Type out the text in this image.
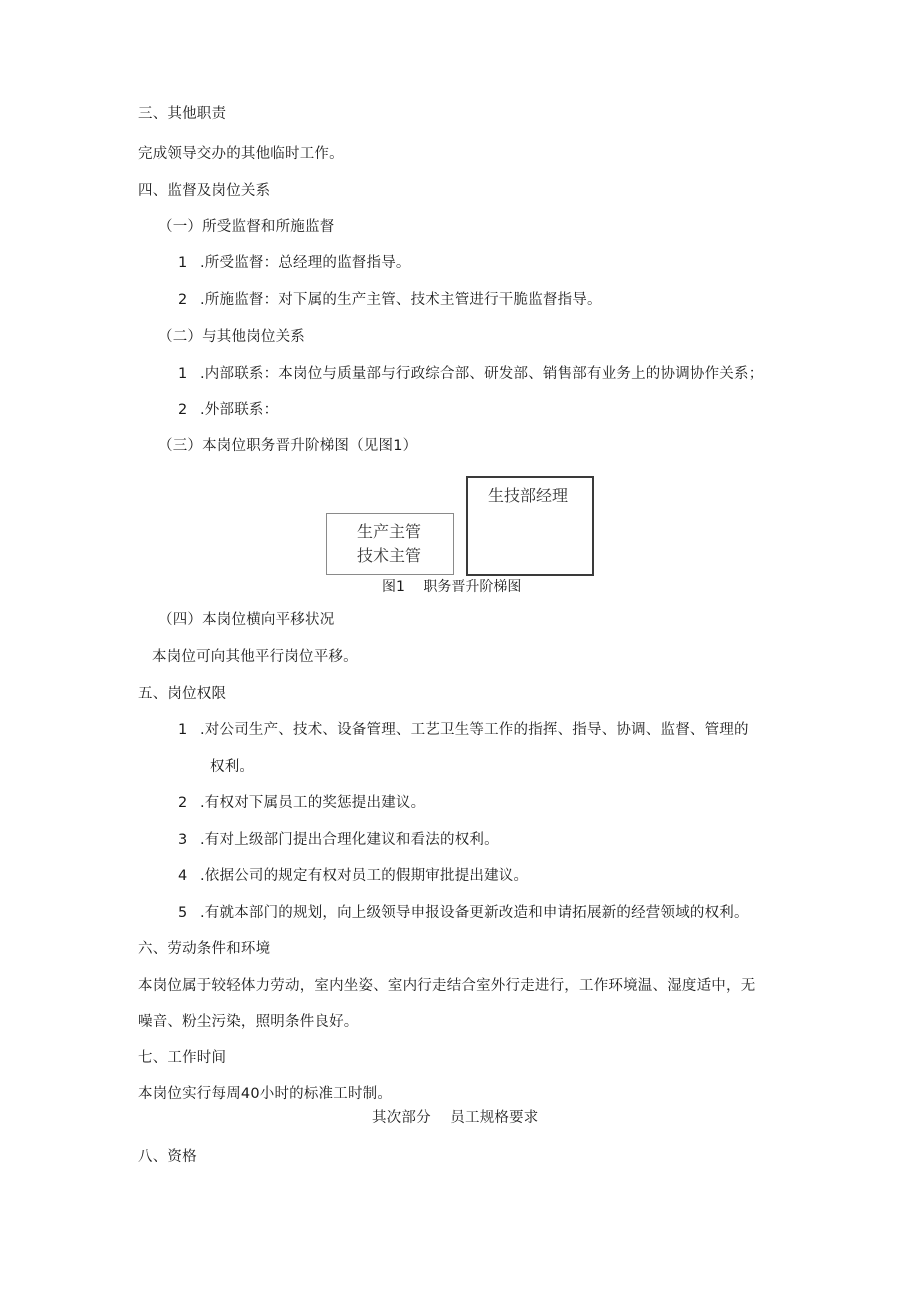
三、其他职责
完成领导交办的其他临时工作。
四、监督及岗位关系
（一）所受监督和所施监督
1 .所受监督：总经理的监督指导。
2 .所施监督：对下属的生产主管、技术主管进行干脆监督指导。
（二）与其他岗位关系
1 .内部联系：本岗位与质量部与行政综合部、研发部、销售部有业务上的协调协作关系；
2 .外部联系：
（三）本岗位职务晋升阶梯图（见图1）
生产主管
技术主管
生技部经理
图1　 职务晋升阶梯图
（四）本岗位横向平移状况
本岗位可向其他平行岗位平移。
五、岗位权限
1 .对公司生产、技术、设备管理、工艺卫生等工作的指挥、指导、协调、监督、管理的
权利。
2 .有权对下属员工的奖惩提出建议。
3 .有对上级部门提出合理化建议和看法的权利。
4 .依据公司的规定有权对员工的假期审批提出建议。
5 .有就本部门的规划，向上级领导申报设备更新改造和申请拓展新的经营领域的权利。
六、劳动条件和环境
本岗位属于较轻体力劳动，室内坐姿、室内行走结合室外行走进行，工作环境温、湿度适中，无
噪音、粉尘污染，照明条件良好。
七、工作时间
本岗位实行每周40小时的标准工时制。
其次部分　 员工规格要求
八、资格
